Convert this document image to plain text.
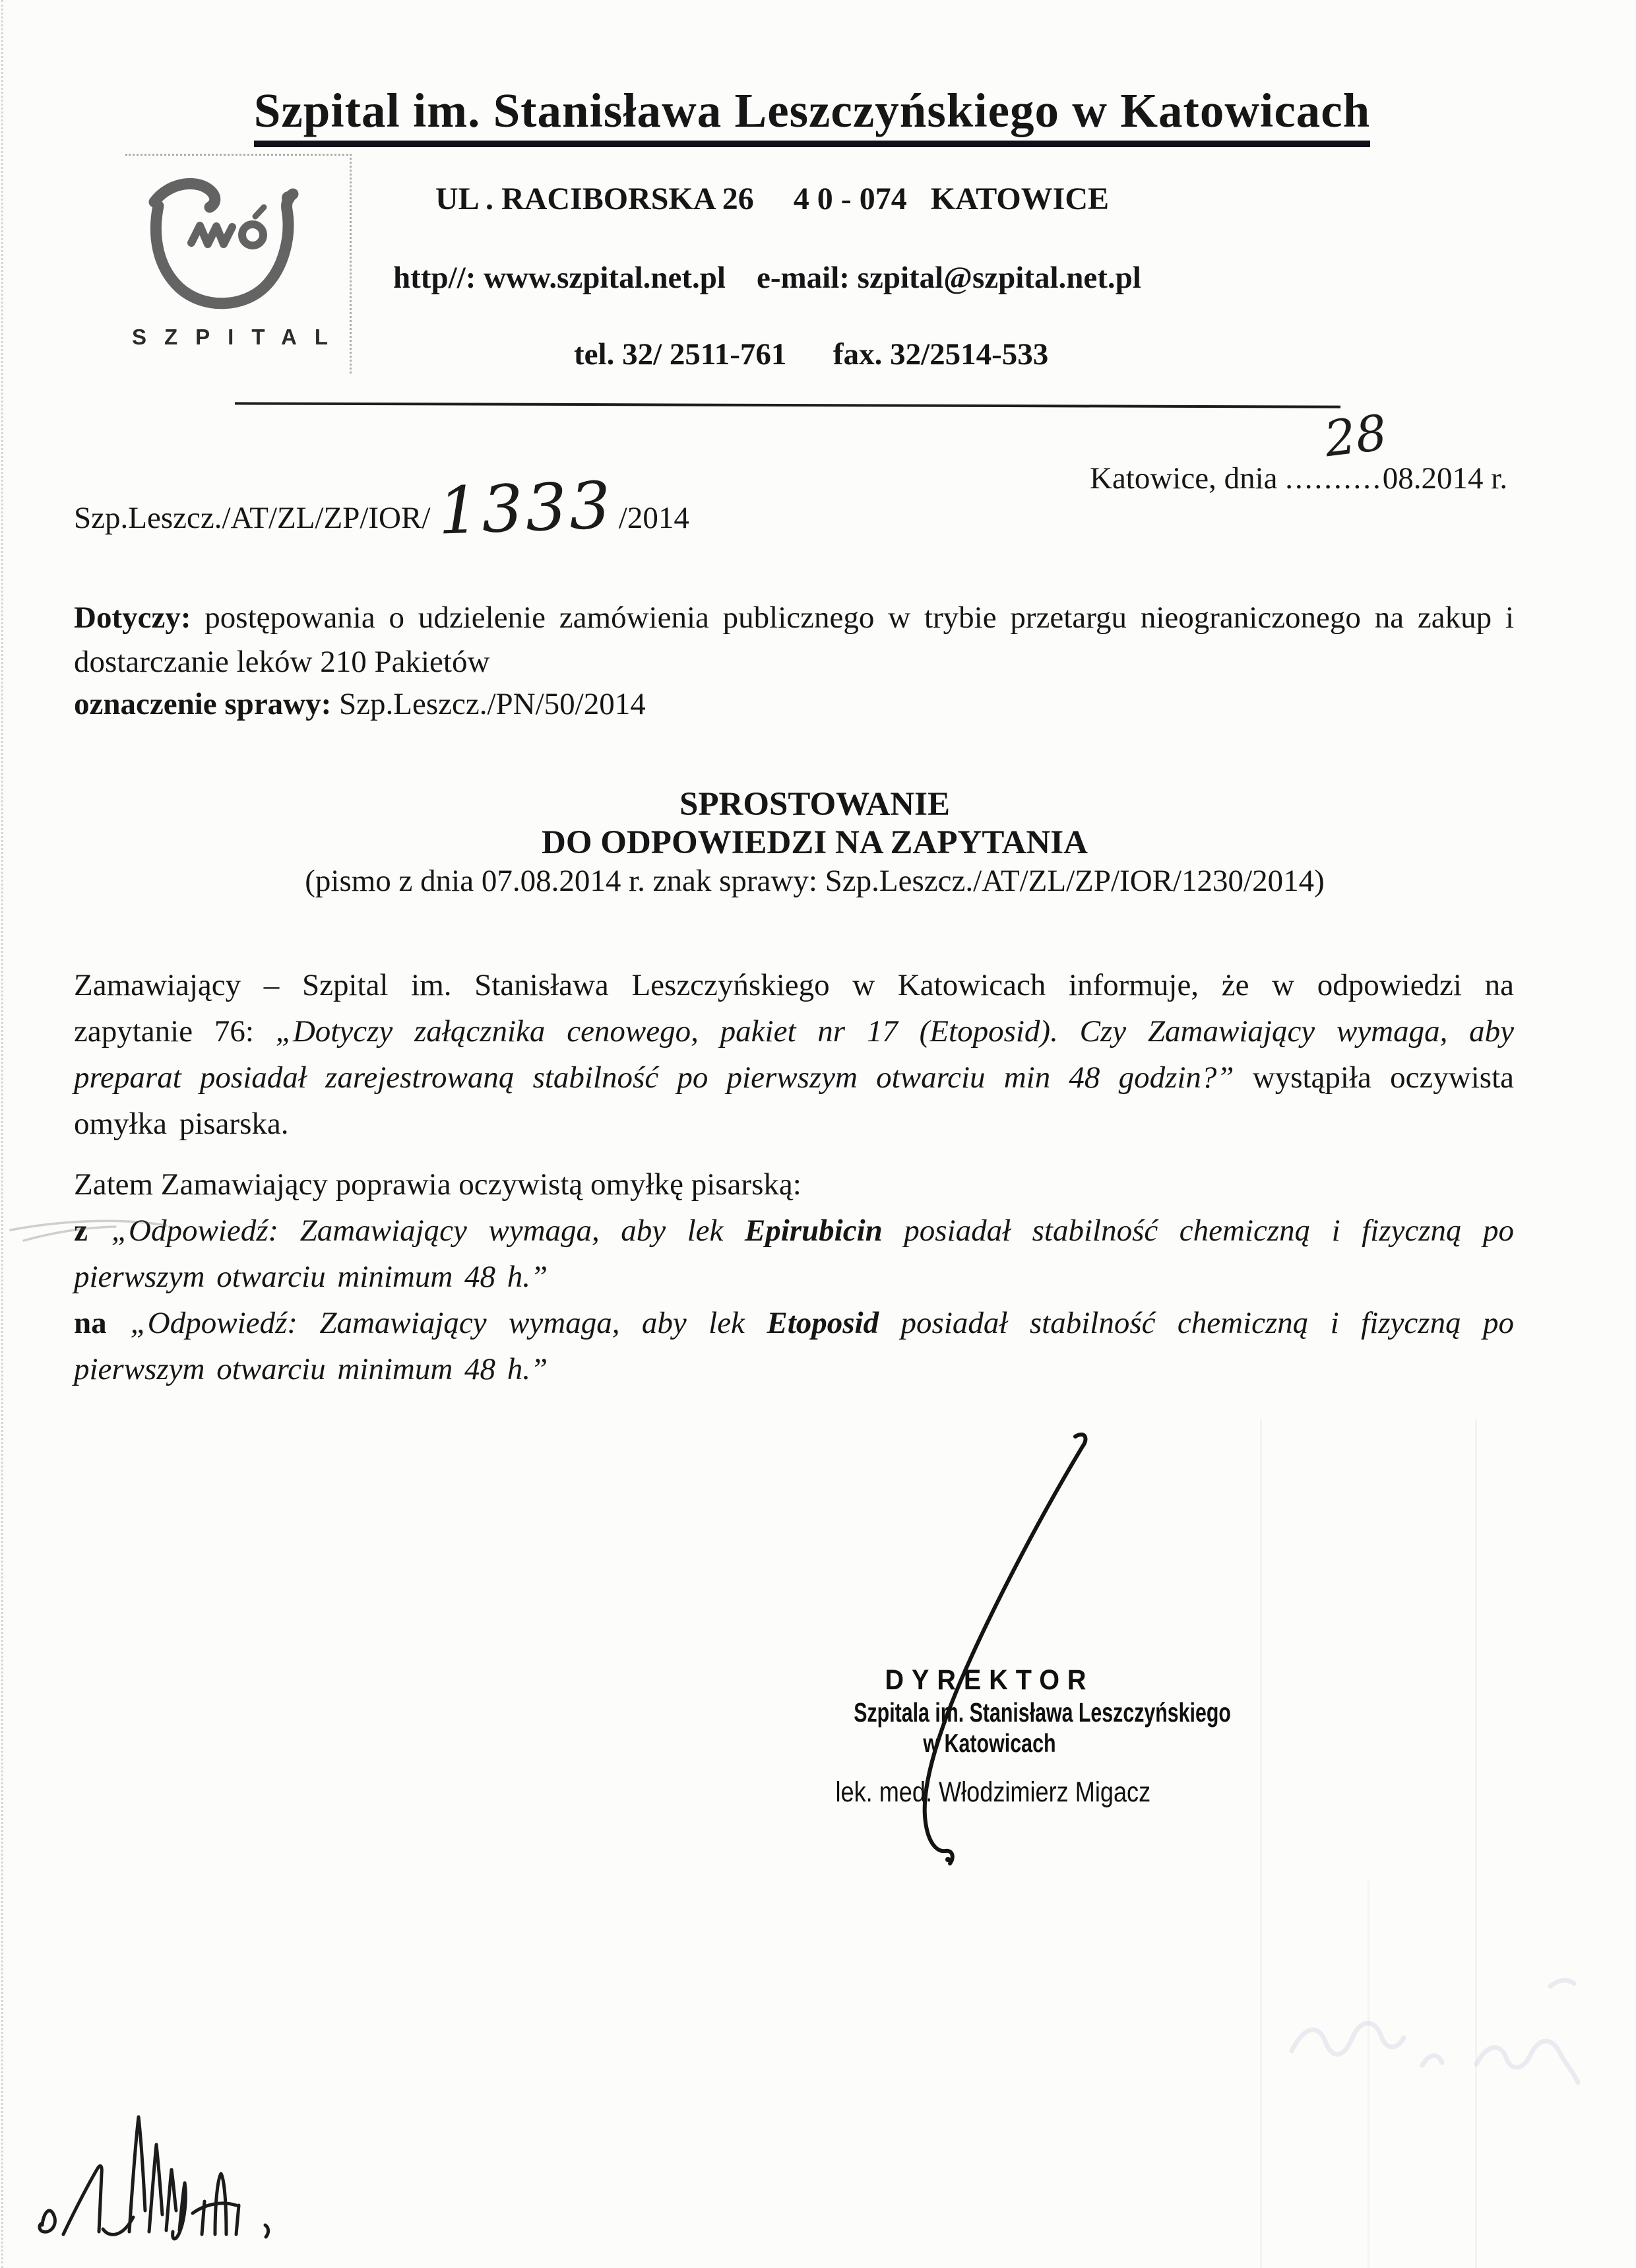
Szpital im. Stanisława Leszczyńskiego w Katowicach
SZPITAL
UL . RACIBORSKA 26     4 0 - 074   KATOWICE
http//: www.szpital.net.pl    e-mail: szpital@szpital.net.pl
tel. 32/ 2511-761      fax. 32/2514-533
Katowice, dnia ..........08.2014 r.
28
Szp.Leszcz./AT/ZL/ZP/IOR/ 1333 /2014
Dotyczy: postępowania o udzielenie zamówienia publicznego w trybie przetargu nieograniczonego na zakup i dostarczanie leków 210 Pakietów
oznaczenie sprawy: Szp.Leszcz./PN/50/2014
SPROSTOWANIE
DO ODPOWIEDZI NA ZAPYTANIA
(pismo z dnia 07.08.2014 r. znak sprawy: Szp.Leszcz./AT/ZL/ZP/IOR/1230/2014)
Zamawiający – Szpital im. Stanisława Leszczyńskiego w Katowicach informuje, że w odpowiedzi na zapytanie 76: „Dotyczy załącznika cenowego, pakiet nr 17 (Etoposid). Czy Zamawiający wymaga, aby preparat posiadał zarejestrowaną stabilność po pierwszym otwarciu min 48 godzin?” wystąpiła oczywista omyłka pisarska.

Zatem Zamawiający poprawia oczywistą omyłkę pisarską:

z „Odpowiedź: Zamawiający wymaga, aby lek Epirubicin posiadał stabilność chemiczną i fizyczną po pierwszym otwarciu minimum 48 h.”

na „Odpowiedź: Zamawiający wymaga, aby lek Etoposid posiadał stabilność chemiczną i fizyczną po pierwszym otwarciu minimum 48 h.”

DYREKTOR
Szpitala im. Stanisława Leszczyńskiego
w Katowicach
lek. med. Włodzimierz Migacz
